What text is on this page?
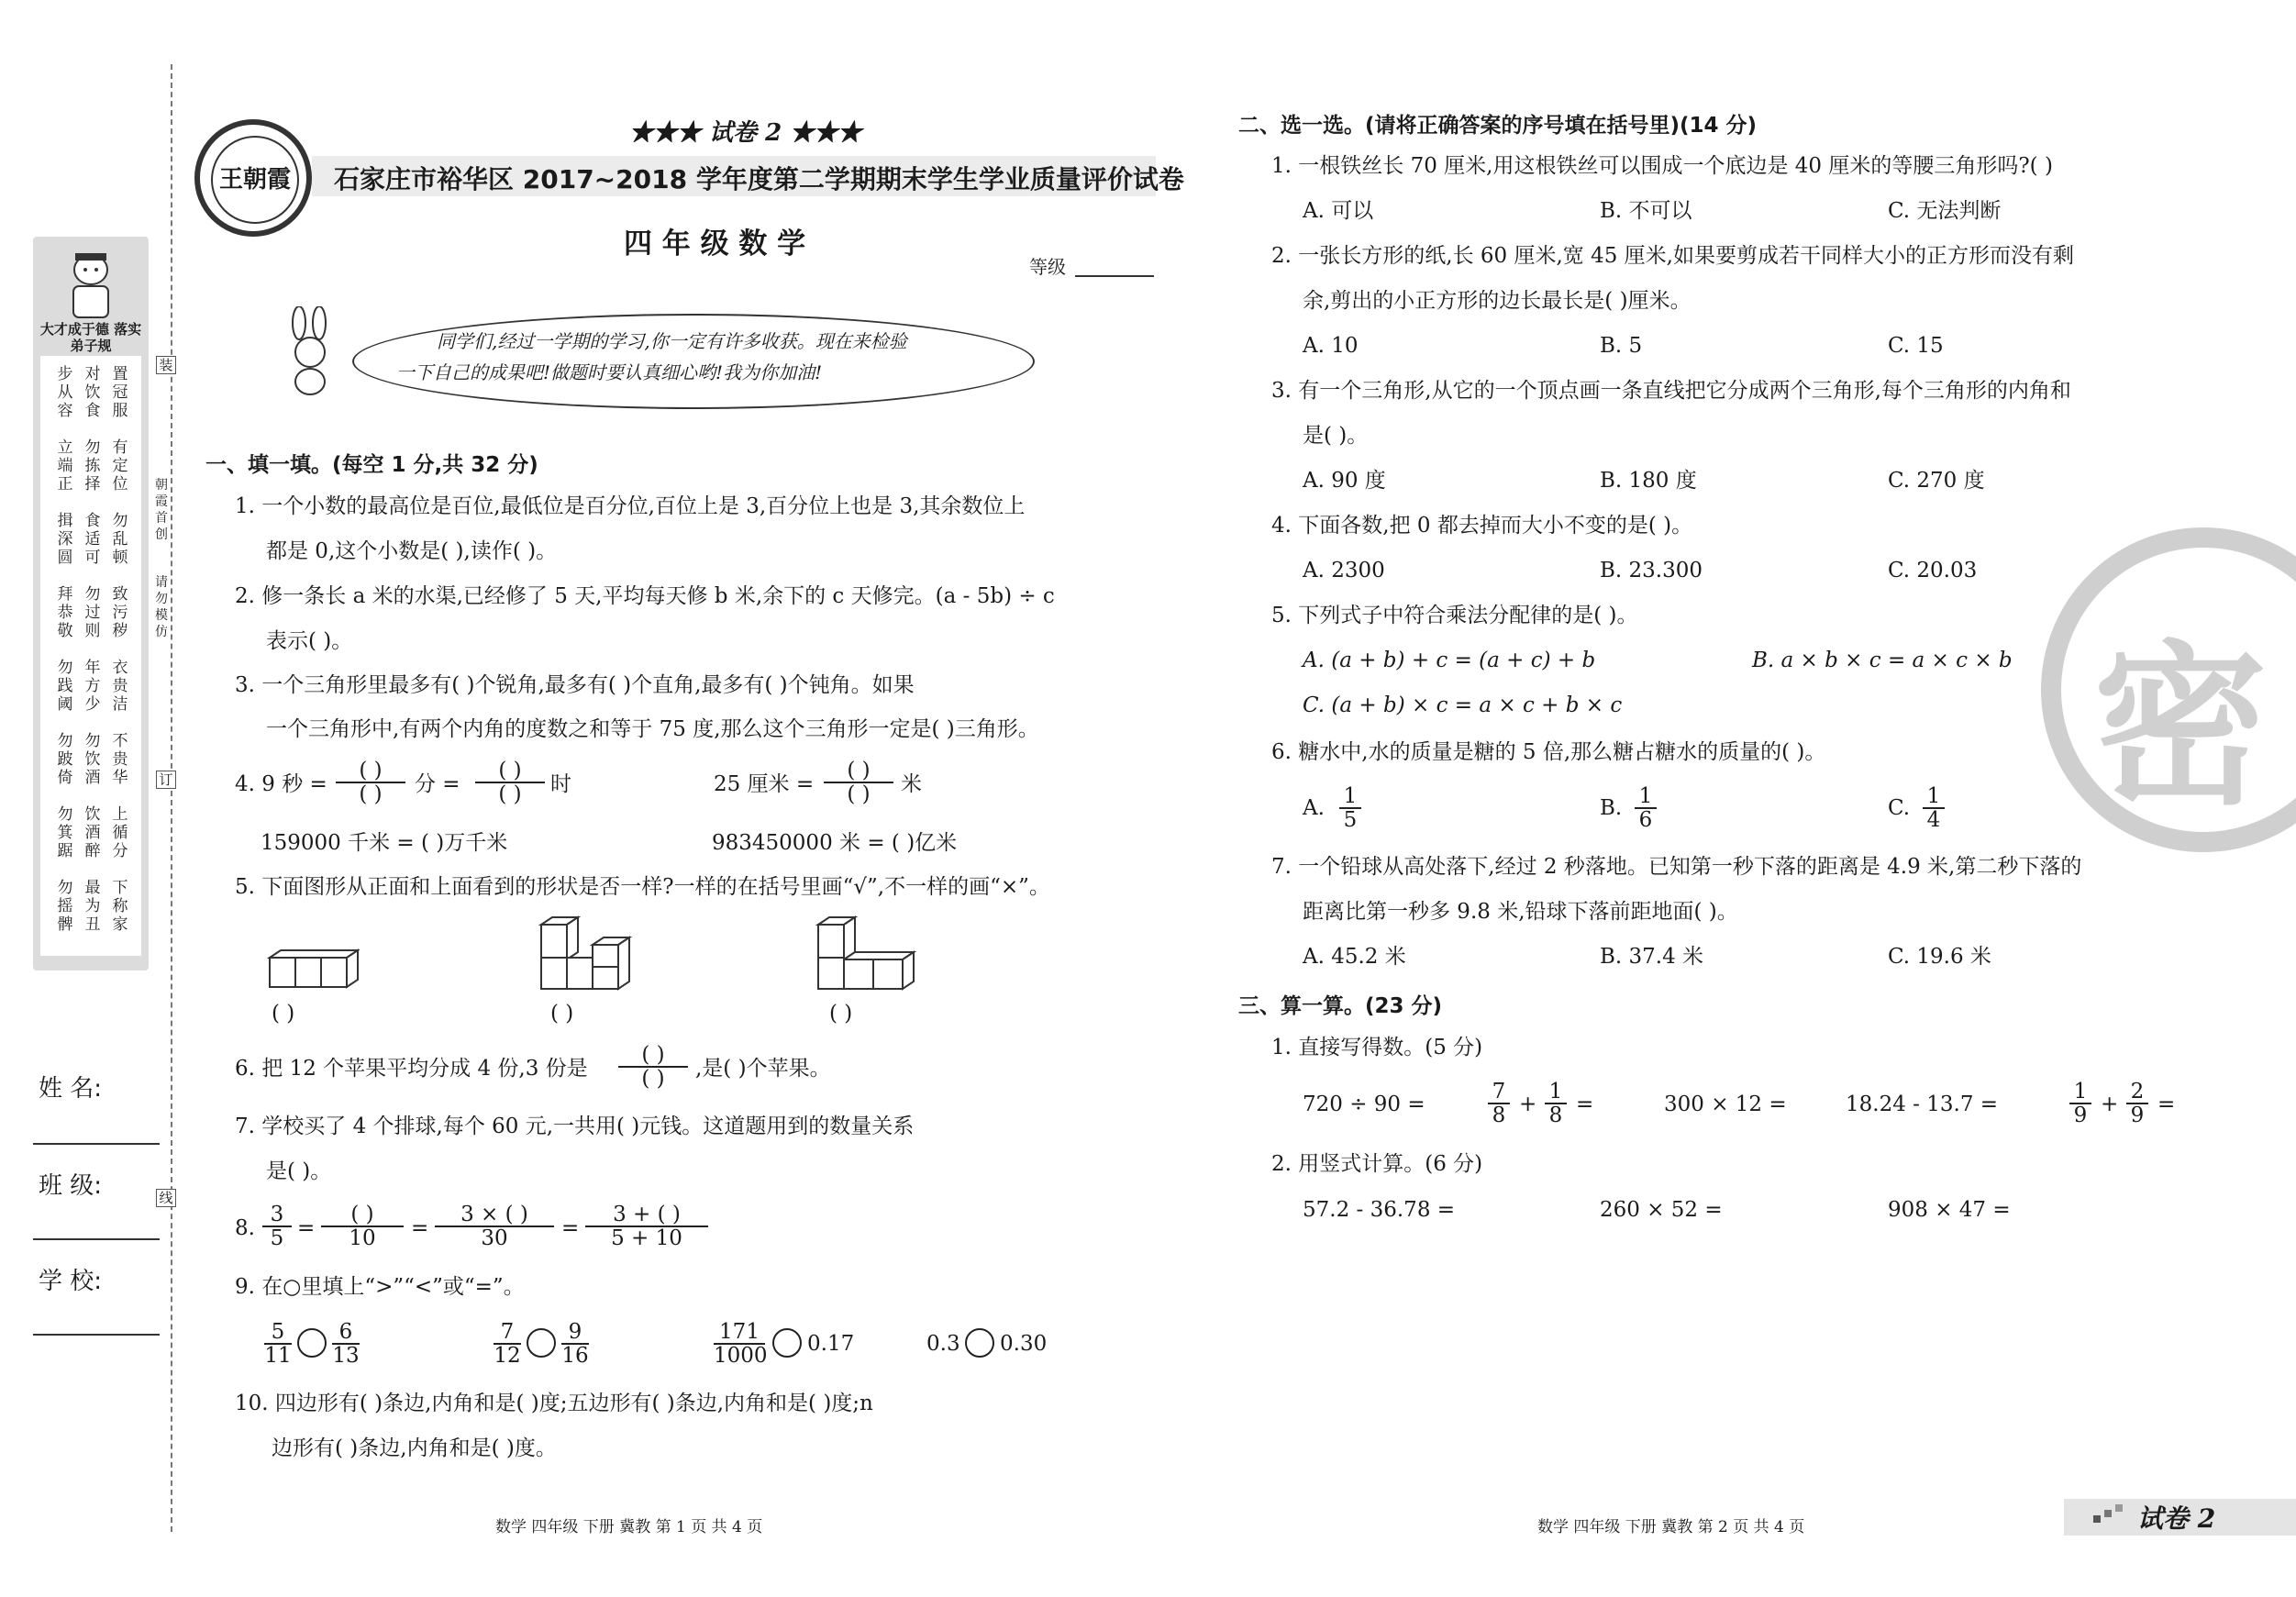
大才成于德 落实弟子规
步从容
对饮食
置冠服
立端正
勿拣择
有定位
揖深圆
食适可
勿乱顿
拜恭敬
勿过则
致污秽
勿践阈
年方少
衣贵洁
勿跛倚
勿饮酒
不贵华
勿箕踞
饮酒醉
上循分
勿摇髀
最为丑
下称家
装
订
线
朝霞首创
请勿模仿
姓 名:
班 级:
学 校:
王朝霞
★★★ 试卷 2 ★★★
石家庄市裕华区 2017~2018 学年度第二学期期末学生学业质量评价试卷
四 年 级 数 学
等级
同学们,经过一学期的学习,你一定有许多收获。现在来检验
一下自己的成果吧!做题时要认真细心哟!我为你加油!
一、填一填。(每空 1 分,共 32 分)
1. 一个小数的最高位是百位,最低位是百分位,百位上是 3,百分位上也是 3,其余数位上
都是 0,这个小数是( ),读作( )。
2. 修一条长 a 米的水渠,已经修了 5 天,平均每天修 b 米,余下的 c 天修完。(a - 5b) ÷ c
表示( )。
3. 一个三角形里最多有( )个锐角,最多有( )个直角,最多有( )个钝角。如果
一个三角形中,有两个内角的度数之和等于 75 度,那么这个三角形一定是( )三角形。
4. 9 秒 =
( )
( )	分 =
( )
( )	时	25 厘米 =
( )
( )	米
159000 千米 = ( )万千米	983450000 米 = ( )亿米
5. 下面图形从正面和上面看到的形状是否一样?一样的在括号里画“√”,不一样的画“×”。
( )	( )	( )
6. 把 12 个苹果平均分成 4 份,3 份是
( )
( )	,是( )个苹果。
7. 学校买了 4 个排球,每个 60 元,一共用( )元钱。这道题用到的数量关系
是( )。
8.
3
5 =
( )
10	=
3 × ( )
30	=
3 + ( )
5 + 10
9. 在○里填上“>”“<”或“=”。
5
11
6
13
7
12
9
16
171
1000 0.17	0.3 0.30
10. 四边形有( )条边,内角和是( )度;五边形有( )条边,内角和是( )度;n
边形有( )条边,内角和是( )度。
二、选一选。(请将正确答案的序号填在括号里)(14 分)
1. 一根铁丝长 70 厘米,用这根铁丝可以围成一个底边是 40 厘米的等腰三角形吗?( )
A. 可以	B. 不可以	C. 无法判断
2. 一张长方形的纸,长 60 厘米,宽 45 厘米,如果要剪成若干同样大小的正方形而没有剩
余,剪出的小正方形的边长最长是( )厘米。
A. 10	B. 5	C. 15
3. 有一个三角形,从它的一个顶点画一条直线把它分成两个三角形,每个三角形的内角和
是( )。
A. 90 度	B. 180 度	C. 270 度
4. 下面各数,把 0 都去掉而大小不变的是( )。
A. 2300	B. 23.300	C. 20.03
5. 下列式子中符合乘法分配律的是( )。
A. (a + b) + c = (a + c) + b	B. a × b × c = a × c × b
C. (a + b) × c = a × c + b × c
6. 糖水中,水的质量是糖的 5 倍,那么糖占糖水的质量的( )。
A. 1
5	B. 1
6	C. 1
4
7. 一个铅球从高处落下,经过 2 秒落地。已知第一秒下落的距离是 4.9 米,第二秒下落的
距离比第一秒多 9.8 米,铅球下落前距地面( )。
A. 45.2 米	B. 37.4 米	C. 19.6 米
三、算一算。(23 分)
1. 直接写得数。(5 分)
720 ÷ 90 =
7
8 +
1
8 =	300 × 12 =	18.24 - 13.7 =
1
9 +
2
9 =
2. 用竖式计算。(6 分)
57.2 - 36.78 =	260 × 52 =	908 × 47 =
密
数学 四年级 下册 冀教 第 1 页 共 4 页	数学 四年级 下册 冀教 第 2 页 共 4 页	试卷 2
